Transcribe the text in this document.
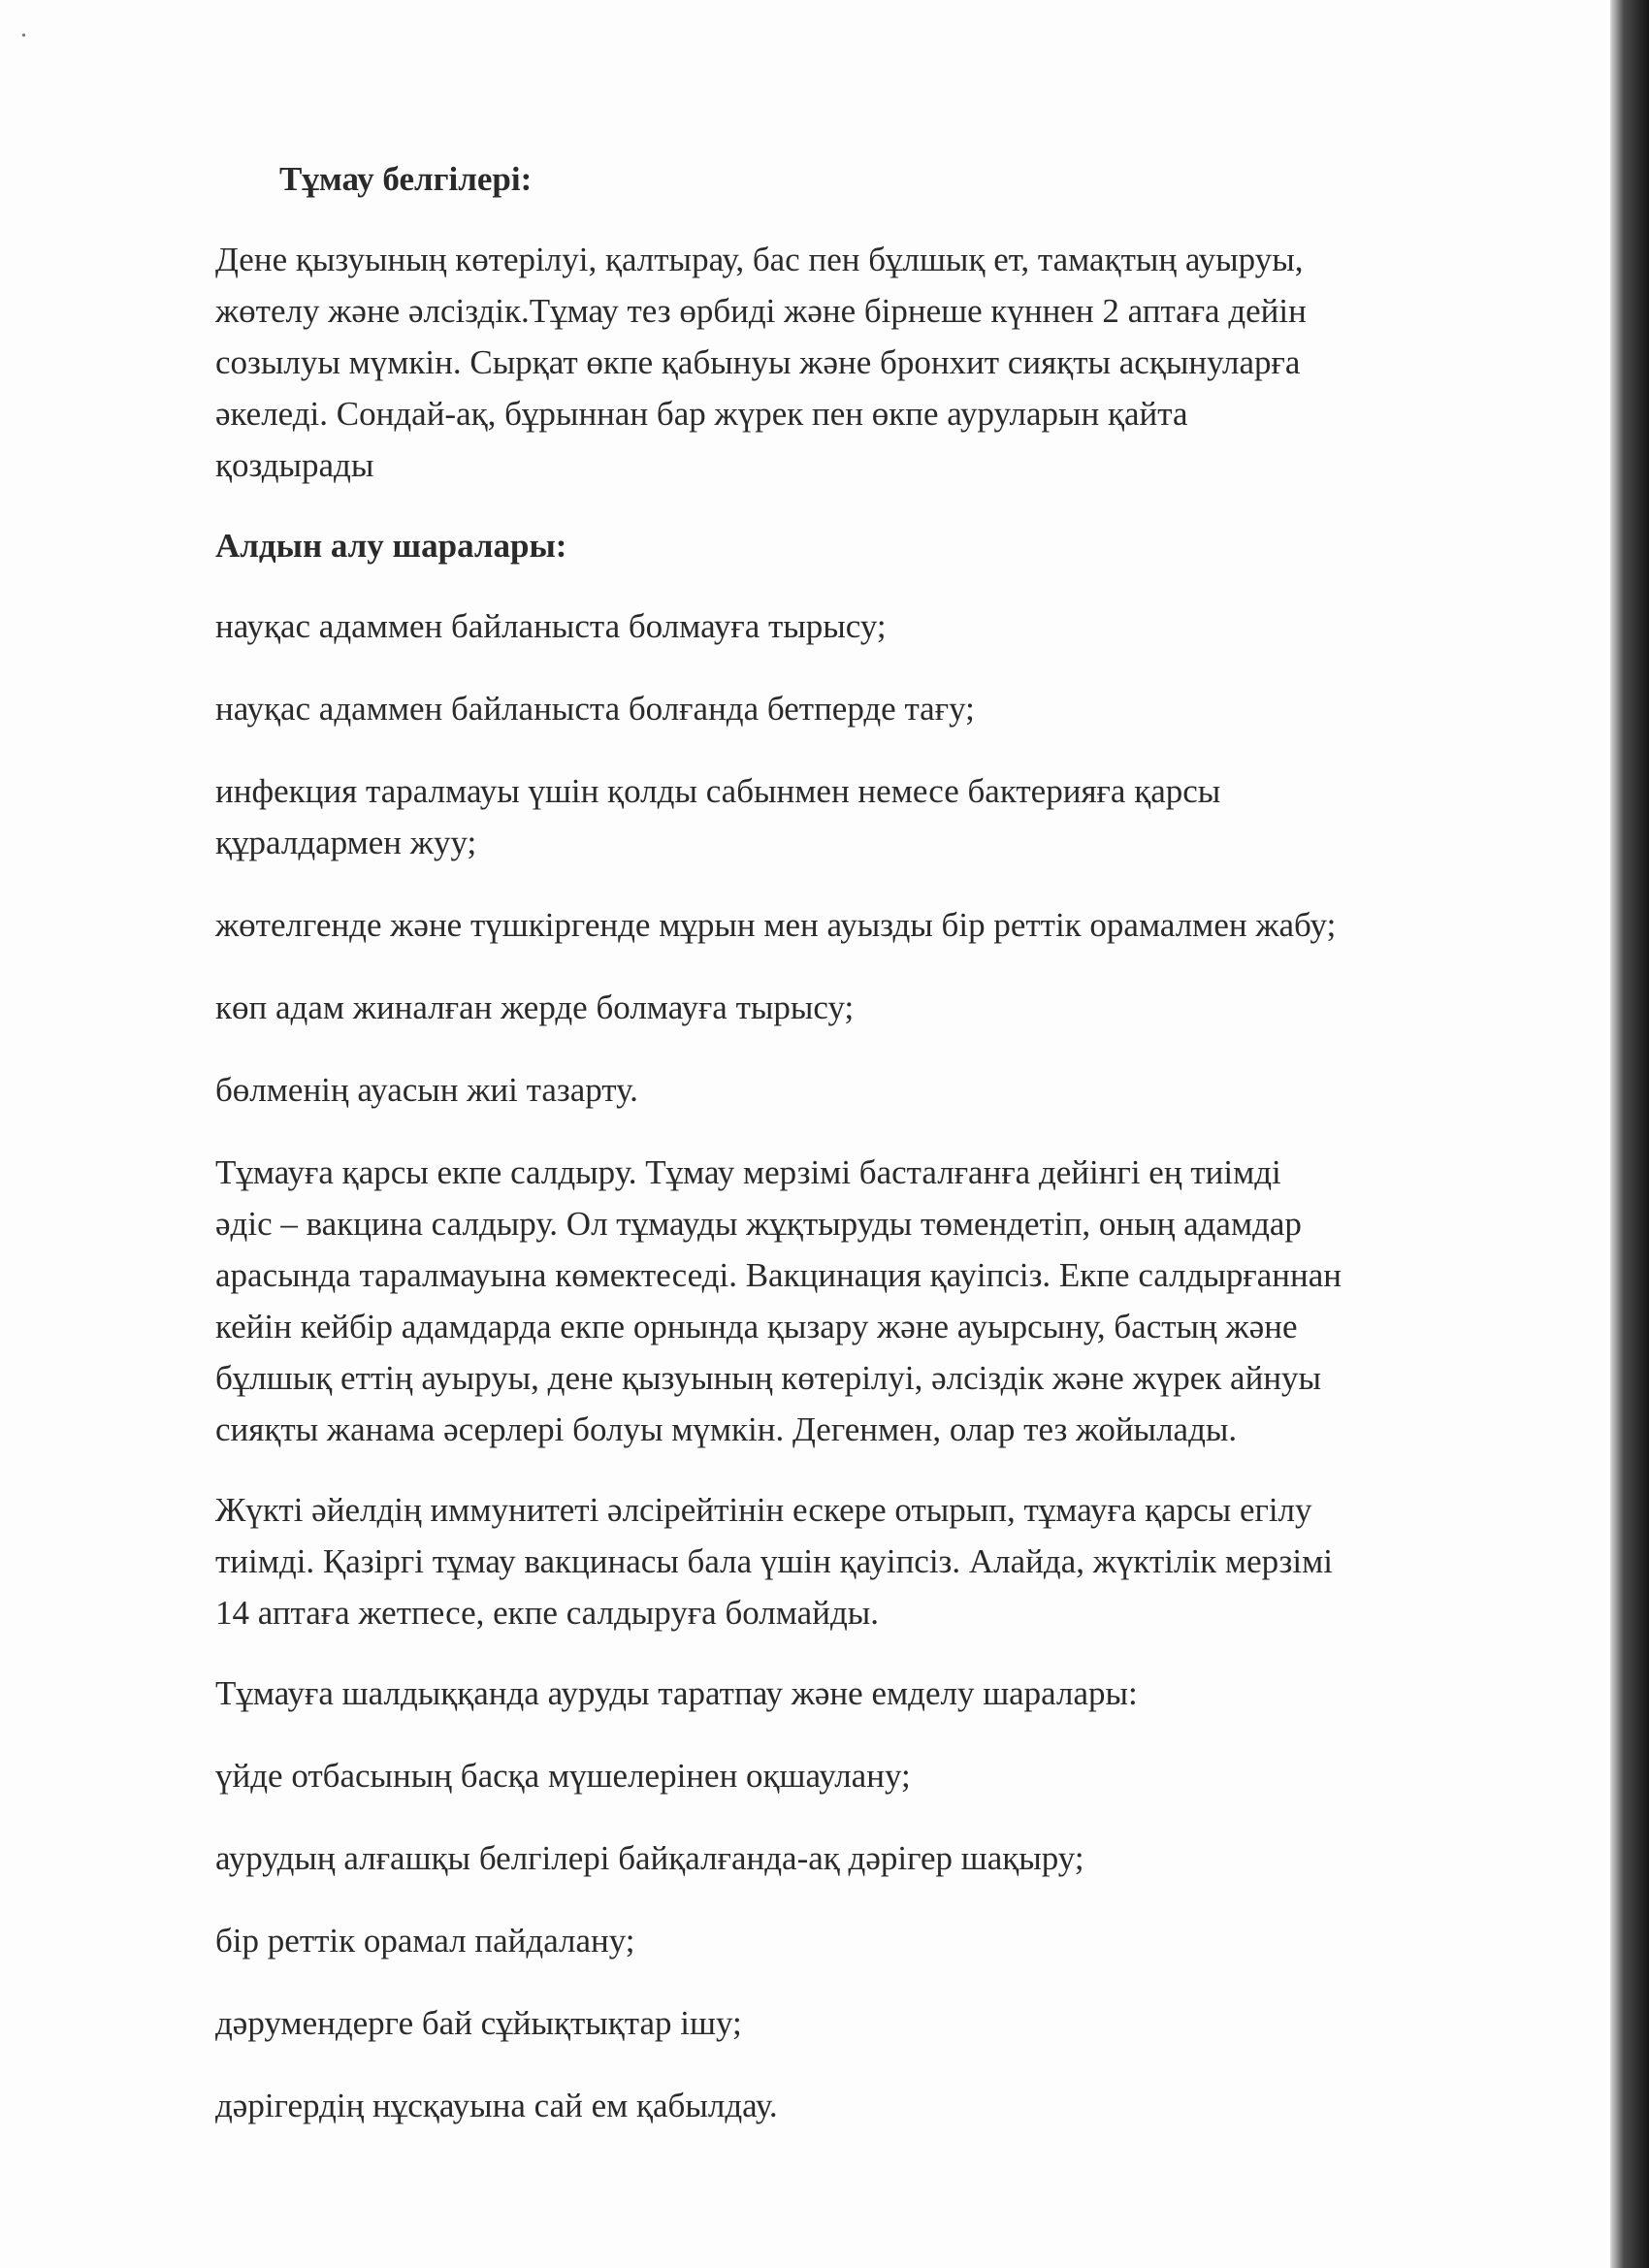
•
Тұмау белгілері:
Дене қызуының көтерілуі, қалтырау, бас пен бұлшық ет, тамақтың ауыруы,
жөтелу және әлсіздік.Тұмау тез өрбиді және бірнеше күннен 2 аптаға дейін
созылуы мүмкін. Сырқат өкпе қабынуы және бронхит сияқты асқынуларға
әкеледі. Сондай-ақ, бұрыннан бар жүрек пен өкпе ауруларын қайта
қоздырады
Алдын алу шаралары:
науқас адаммен байланыста болмауға тырысу;
науқас адаммен байланыста болғанда бетперде тағу;
инфекция таралмауы үшін қолды сабынмен немесе бактерияға қарсы
құралдармен жуу;
жөтелгенде және түшкіргенде мұрын мен ауызды бір реттік орамалмен жабу;
көп адам жиналған жерде болмауға тырысу;
бөлменің ауасын жиі тазарту.
Тұмауға қарсы екпе салдыру. Тұмау мерзімі басталғанға дейінгі ең тиімді
әдіс – вакцина салдыру. Ол тұмауды жұқтыруды төмендетіп, оның адамдар
арасында таралмауына көмектеседі. Вакцинация қауіпсіз. Екпе салдырғаннан
кейін кейбір адамдарда екпе орнында қызару және ауырсыну, бастың және
бұлшық еттің ауыруы, дене қызуының көтерілуі, әлсіздік және жүрек айнуы
сияқты жанама әсерлері болуы мүмкін. Дегенмен, олар тез жойылады.
Жүкті әйелдің иммунитеті әлсірейтінін ескере отырып, тұмауға қарсы егілу
тиімді. Қазіргі тұмау вакцинасы бала үшін қауіпсіз. Алайда, жүктілік мерзімі
14 аптаға жетпесе, екпе салдыруға болмайды.
Тұмауға шалдыққанда ауруды таратпау және емделу шаралары:
үйде отбасының басқа мүшелерінен оқшаулану;
аурудың алғашқы белгілері байқалғанда-ақ дәрігер шақыру;
бір реттік орамал пайдалану;
дәрумендерге бай сұйықтықтар ішу;
дәрігердің нұсқауына сай ем қабылдау.
